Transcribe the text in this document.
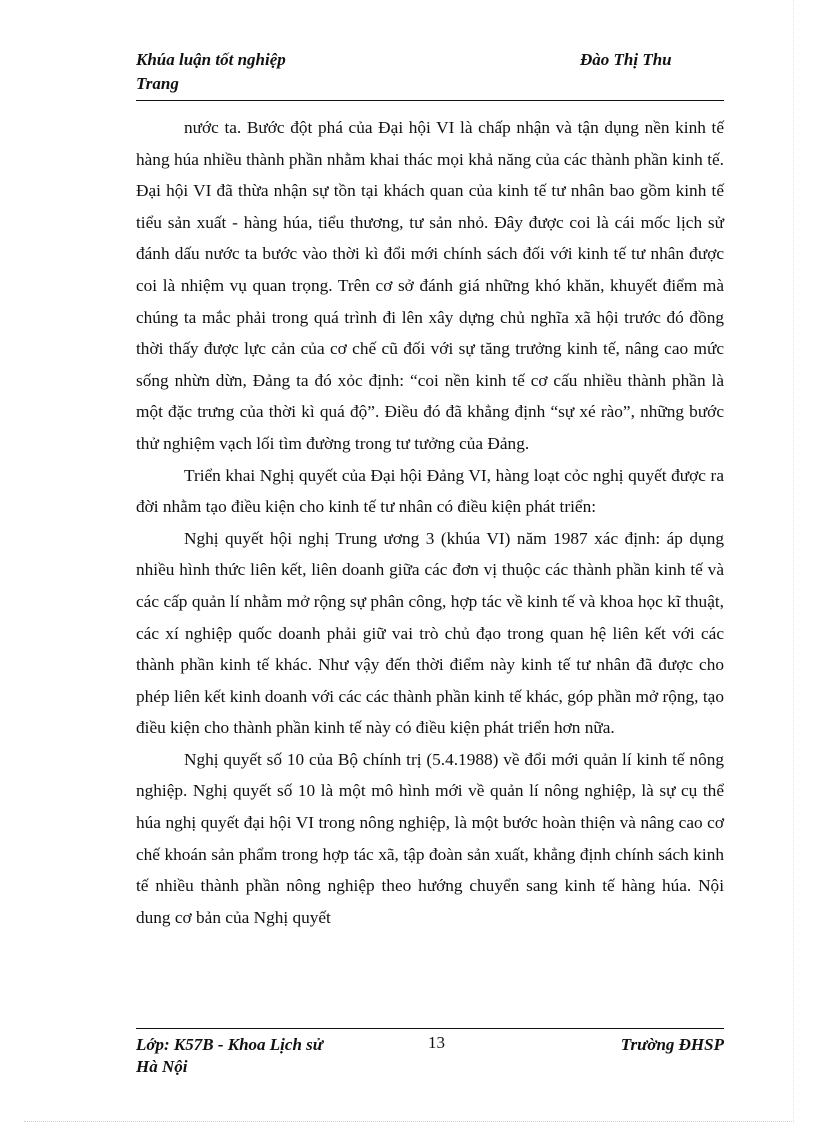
Khúa luận tốt nghiệp	Đào Thị Thu
Trang

nước ta. Bước đột phá của Đại hội VI là chấp nhận và tận dụng nền kinh tế hàng húa nhiều thành phần nhằm khai thác mọi khả năng của các thành phần kinh tế. Đại hội VI đã thừa nhận sự tồn tại khách quan của kinh tế tư nhân bao gồm kinh tế tiểu sản xuất - hàng húa, tiểu thương, tư sản nhỏ. Đây được coi là cái mốc lịch sử đánh dấu nước ta bước vào thời kì đổi mới chính sách đối với kinh tế tư nhân được coi là nhiệm vụ quan trọng. Trên cơ sở đánh giá những khó khăn, khuyết điểm mà chúng ta mắc phải trong quá trình đi lên xây dựng chủ nghĩa xã hội trước đó đồng thời thấy được lực cản của cơ chế cũ đối với sự tăng trưởng kinh tế, nâng cao mức sống nhừn dừn, Đảng ta đó xỏc định: “coi nền kinh tế cơ cấu nhiều thành phần là một đặc trưng của thời kì quá độ”. Điều đó đã khẳng định “sự xé rào”, những bước thử nghiệm vạch lối tìm đường trong tư tưởng của Đảng.

Triển khai Nghị quyết của Đại hội Đảng VI, hàng loạt cỏc nghị quyết được ra đời nhằm tạo điều kiện cho kinh tế tư nhân có điều kiện phát triển:

Nghị quyết hội nghị Trung ương 3 (khúa VI) năm 1987 xác định: áp dụng nhiều hình thức liên kết, liên doanh giữa các đơn vị thuộc các thành phần kinh tế và các cấp quản lí nhằm mở rộng sự phân công, hợp tác về kinh tế và khoa học kĩ thuật, các xí nghiệp quốc doanh phải giữ vai trò chủ đạo trong quan hệ liên kết với các thành phần kinh tế khác. Như vậy đến thời điểm này kinh tế tư nhân đã được cho phép liên kết kinh doanh với các các thành phần kinh tế khác, góp phần mở rộng, tạo điều kiện cho thành phần kinh tế này có điều kiện phát triển hơn nữa.

Nghị quyết số 10 của Bộ chính trị (5.4.1988) về đổi mới quản lí kinh tế nông nghiệp. Nghị quyết số 10 là một mô hình mới về quản lí nông nghiệp, là sự cụ thể húa nghị quyết đại hội VI trong nông nghiệp, là một bước hoàn thiện và nâng cao cơ chế khoán sản phẩm trong hợp tác xã, tập đoàn sản xuất, khẳng định chính sách kinh tế nhiều thành phần nông nghiệp theo hướng chuyển sang kinh tế hàng húa. Nội dung cơ bản của Nghị quyết

Lớp: K57B - Khoa Lịch sử	13	Trường ĐHSP
Hà Nội
